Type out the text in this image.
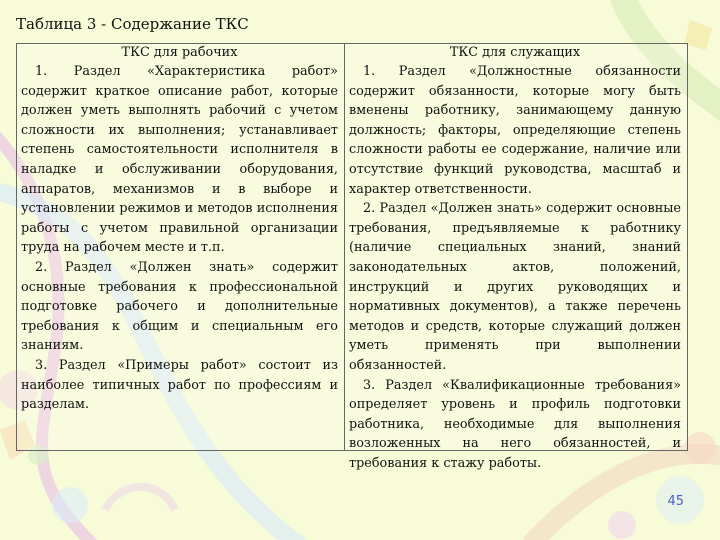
Таблица 3 - Содержание ТКС
ТКС для рабочих

1. Раздел «Характеристика работ» содержит краткое описание работ, которые должен уметь выполнять рабочий с учетом сложности их выполнения; устанавливает степень самостоятельности исполнителя в наладке и обслуживании оборудования, аппаратов, механизмов и в выборе и установлении режимов и методов исполнения работы с учетом правильной организации труда на рабочем месте и т.п.

2. Раздел «Должен знать» содержит основные требования к профессиональной подготовке рабочего и дополнительные требования к общим и специальным его знаниям.

3. Раздел «Примеры работ» состоит из наиболее типичных работ по профессиям и разделам.

ТКС для служащих

1. Раздел «Должностные обязанности содержит обязанности, которые могу быть вменены работнику, занимающему данную должность; факторы, определяющие степень сложности работы ее содержание, наличие или отсутствие функций руководства, масштаб и характер ответственности.

2. Раздел «Должен знать» содержит основные требования, предъявляемые к работнику (наличие специальных знаний, знаний законодательных актов, положений, инструкций и других руководящих и нормативных документов), а также перечень методов и средств, которые служащий должен уметь применять при выполнении обязанностей.

3. Раздел «Квалификационные требования» определяет уровень и профиль подготовки работника, необходимые для выполнения возложенных на него обязанностей, и требования к стажу работы.

45
